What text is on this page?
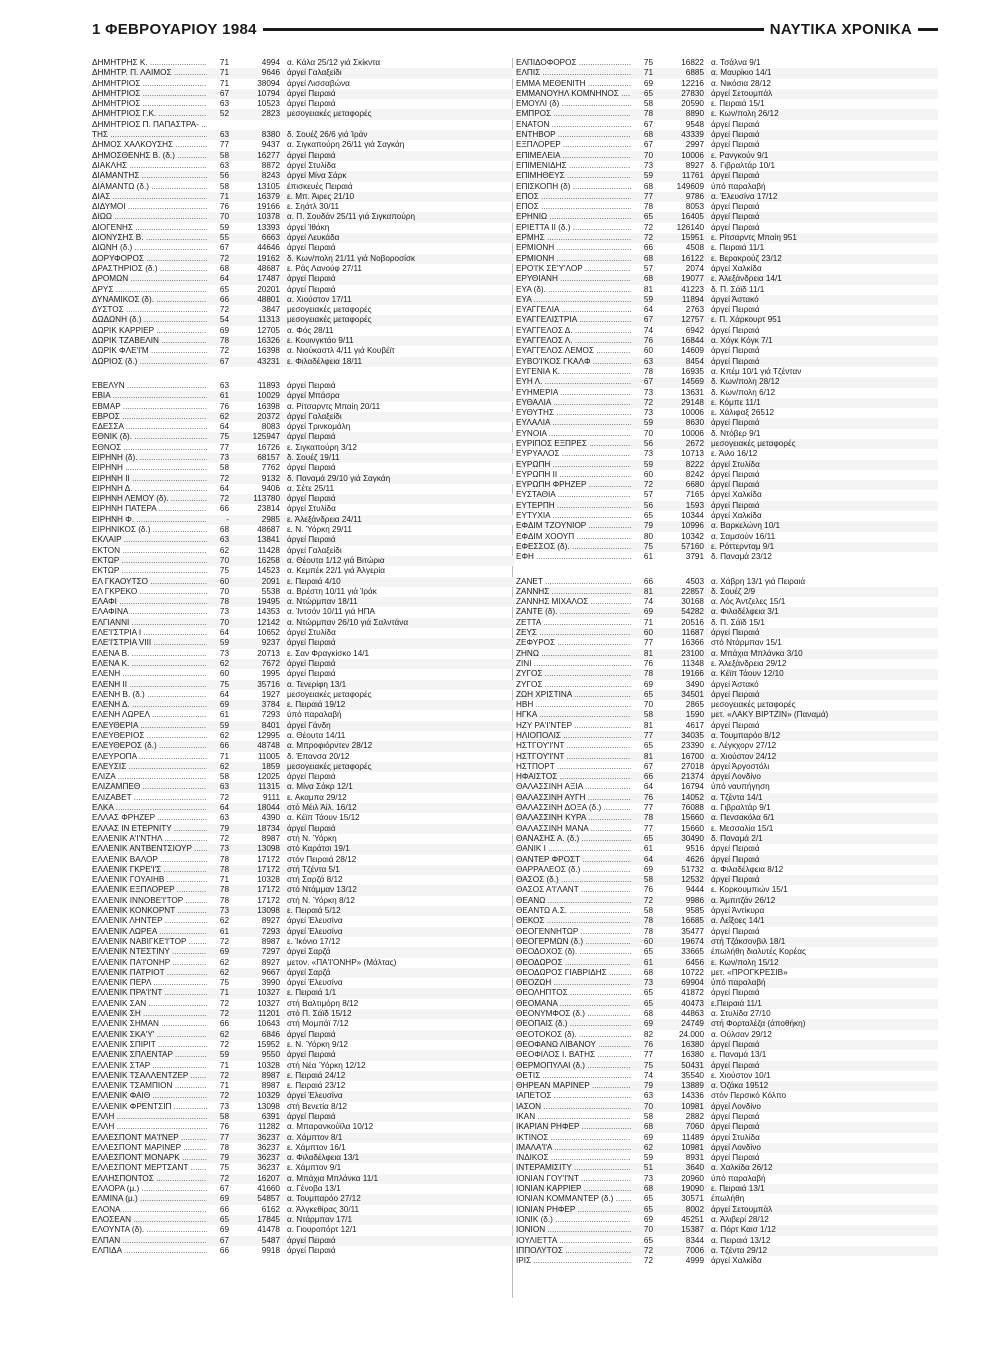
1 ΦΕΒΡΟΥΑΡΙΟΥ 1984	ΝΑΥΤΙΚΑ ΧΡΟΝΙΚΑ
ΔΗΜΗΤΡΗΣ Κ. .....	71	4994 α. Κάλα 25/12 γιά Σκίκντα
ΔΗΜΗΤΡ. Π. ΛΑΙΜΟΣ .....	71	9646 άργεί Γαλαξείδι
ΔΗΜΗΤΡΙΟΣ .....	71	38094 άργεί Λισσαβώνα
ΔΗΜΗΤΡΙΟΣ .....	67	10794 άργεί Πειραιά
ΔΗΜΗΤΡΙΟΣ .....	63	10523 άργεί Πειραιά
ΔΗΜΗΤΡΙΟΣ Γ.Κ. .....	52	2823 μεσογειακές μεταφορές
ΔΗΜΗΤΡΙΟΣ Π. ΠΑΠΑΣΤΡΑ- .....
ΤΗΣ .....	63	8380 δ. Σουέζ 26/6 γιά Ίράν
ΔΗΜΟΣ ΧΑΛΚΟΥΣΗΣ .....	77	9437 α. Σιγκαπούρη 26/11 γιά Σαγκάη
ΔΗΜΟΣΘΕΝΗΣ Β. (δ.) .....	58	16277 άργεί Πειραιά
ΔΙΑΚΛΗΣ .....	63	8872 άργεί Στυλίδα
ΔΙΑΜΑΝΤΗΣ .....	56	8243 άργεί Μίνα Σάρκ
ΔΙΑΜΑΝΤΩ (δ.) .....	58	13105 έπισκευές Πειραιά
ΔΙΑΣ .....	71	16379 ε. Μπ. Άιρες 21/10
ΔΙΔΥΜΟΙ .....	76	19166 ε. Σηάτλ 30/11
ΔΙΩΩ .....	70	10378 α. Π. Σουδάν 25/11 γιά Σιγκαπούρη
ΔΙΟΓΕΝΗΣ .....	59	13393 άργεί Ίθάκη
ΔΙΟΝΥΣΗΣ Β. .....	55	6663 άργεί Λευκάδα
ΔΙΩΝΗ (δ.) .....	67	44646 άργεί Πειραιά
ΔΟΡΥΦΟΡΟΣ .....	72	19162 δ. Κων/πολη 21/11 γιά Νοβοροσίσκ
ΔΡΑΣΤΗΡΙΟΣ (δ.) .....	68	48687 ε. Ράς Λανούφ 27/11
ΔΡΟΜΩΝ .....	64	17487 άργεί Πειραιά
ΔΡΥΣ .....	65	20201 άργεί Πειραιά
ΔΥΝΑΜΙΚΟΣ (δ). .....	66	48801 α. Χιούστον 17/11
ΔΥΣΤΟΣ .....	72	3847 μεσογειακές μεταφορές
ΔΩΔΩΝΗ (δ.) .....	54	11313 μεσογειακές μεταφορές
ΔΩΡΙΚ ΚΑΡΡΙΕΡ .....	69	12705 α. Φός 28/11
ΔΩΡΙΚ ΤΖΑΒΕΛΙΝ .....	78	16326 ε. Κουινγκτάο 9/11
ΔΩΡΙΚ ΦΛΕ'Ι'Μ .....	72	16398 α. Νιούκαστλ 4/11 γιά Κουβέϊτ
ΔΩΡΙΟΣ (δ.) .....	67	43231 ε. Φιλαδέλφεια 18/11
ΕΒΕΛΥΝ .....	63	11893 άργεί Πειραιά
ΕΒΙΑ .....	61	10029 άργεί Μπάσρα
ΕΒΜΑΡ .....	76	16398 α. Ρίτσαρντς Μπαίη 20/11
ΕΒΡΟΣ .....	62	20372 άργεί Γαλαξείδι
ΕΔΕΣΣΑ .....	64	8083 άργεί Τρινκομάλη
ΕΘΝΙΚ (δ). .....	75	125947 άργεί Πειραιά
ΕΘΝΟΣ .....	77	16726 ε. Σιγκαπούρη 3/12
ΕΙΡΗΝΗ (δ). .....	73	68157 δ. Σουέζ 19/11
ΕΙΡΗΝΗ .....	58	7762 άργεί Πειραιά
ΕΙΡΗΝΗ ΙΙ .....	72	9132 δ. Παναμά 29/10 γιά Σαγκάη
ΕΙΡΗΝΗ Δ. .....	64	9406 α. Σέτε 25/11
ΕΙΡΗΝΗ ΛΕΜΟΥ (δ). .....	72	113780 άργεί Πειραιά
ΕΙΡΗΝΗ ΠΑΤΕΡΑ .....	66	23814 άργεί Στυλίδα
ΕΙΡΗΝΗ Φ. .....	-	2985 ε. Άλεξάνδρεια 24/11
ΕΙΡΗΝΙΚΟΣ (δ.) .....	68	48687 ε. Ν. Ύόρκη 29/11
ΕΚΛΑΙΡ .....	63	13841 άργεί Πειραιά
ΕΚΤΟΝ .....	62	11428 άργεί Γαλαξείδι
ΕΚΤΩΡ .....	70	16258 α. Θέουτα 1/12 γιά Βιτώρια
ΕΚΤΩΡ .....	75	14523 α. Κεμπέκ 22/1 γιά Άλγερία
ΕΛ ΓΚΑΟΥΤΣΟ .....	60	2091 ε. Πειραιά 4/10
ΕΛ ΓΚΡΕΚΟ .....	70	5538 α. Βρέστη 10/11 γιά Ίράκ
ΕΛΑΦΙ .....	78	19495 α. Ντώρμπαν 18/11
ΕΛΑΦΙΝΑ .....	73	14353 α. Ίντσόν 10/11 γιά ΗΠΑ
ΕΛΓΙΑΝΝΙ .....	70	12142 α. Ντώρμπαν 26/10 γιά Σαλντάνα
ΕΛΕ'Ι'ΣΤΡΙΑ Ι .....	64	10652 άργεί Στυλίδα
ΕΛΕ'Ι'ΣΤΡΙΑ VIII .....	59	9237 άργεί Πειραιά
ΕΛΕΝΑ Β. .....	73	20713 ε. Σαν Φραγκίσκο 14/1
ΕΛΕΝΑ Κ. .....	62	7672 άργεί Πειραιά
ΕΛΕΝΗ .....	60	1995 άργεί Πειραιά
ΕΛΕΝΗ ΙΙ .....	75	35716 α. Τενερίφη 13/1
ΕΛΕΝΗ Β. (δ.) .....	64	1927 μεσογειακές μεταφορές
ΕΛΕΝΗ Δ. .....	69	3784 ε. Πειραιά 19/12
ΕΛΕΝΗ ΛΩΡΕΛ .....	61	7293 ύπό παραλαβή
ΕΛΕΥΘΕΡΙΑ .....	59	8401 άργεί Γάνδη
ΕΛΕΥΘΕΡΙΟΣ .....	62	12995 α. Θέουτα 14/11
ΕΛΕΥΘΕΡΟΣ (δ.) .....	66	48748 α. Μπροφιόρντεν 28/12
ΕΛΕΥΡΟΠΑ .....	71	11005 δ. Έπανσα 20/12
ΕΛΕΥΣΙΣ .....	62	1859 μεσογειακές μεταφορές
ΕΛΙΖΑ .....	58	12025 άργεί Πειραιά
ΕΛΙΖΑΜΠΕΘ .....	63	11315 α. Μίνα Σάκρ 12/1
ΕΛΙΖΑΒΕΤ .....	72	9111 ε. Ακαμπα 29/12
ΕΛΚΑ .....	64	18044 στό Μέιλ Άίλ. 16/12
ΕΛΛΑΣ ΦΡΗΖΕΡ .....	63	4390 α. Κέϊπ Τάουν 15/12
ΕΛΛΑΣ ΙΝ ΕΤΕΡΝΙΤΥ .....	79	18734 άργεί Πειραιά
ΕΛΛΕΝΙΚ Α'Ι'ΝΤΗΛ .....	72	8987 στή Ν. Ύόρκη
ΕΛΛΕΝΙΚ ΑΝΤΒΕΝΤΣΙΟΥΡ .....	73	13098 στό Καράτσι 19/1
ΕΛΛΕΝΙΚ ΒΑΛΟΡ .....	78	17172 στόν Πειραιά 28/12
ΕΛΛΕΝΙΚ ΓΚΡΕ'Ι'Σ .....	78	17172 στή Τζέντα 5/1
ΕΛΛΕΝΙΚ ΓΟΥΑΙΗΒ .....	71	10328 στή Σαρζά 8/12
ΕΛΛΕΝΙΚ ΕΞΠΛΟΡΕΡ .....	78	17172 στό Ντάμμαν 13/12
ΕΛΛΕΝΙΚ ΙΝΝΟΒΕ'Ι'ΤΟΡ .....	78	17172 στή Ν. Ύόρκη 8/12
ΕΛΛΕΝΙΚ ΚΟΝΚΟΡΝΤ .....	73	13098 ε. Πειραιά 5/12
ΕΛΛΕΝΙΚ ΛΗΝΤΕΡ .....	62	8927 άργεί Έλευσίνα
ΕΛΛΕΝΙΚ ΛΩΡΕΑ .....	61	7293 άργεί Έλευσίνα
ΕΛΛΕΝΙΚ ΝΑΒΙΓΚΕ'Ι'ΤΟΡ .....	72	8987 ε. Ίκόνιο 17/12
ΕΛΛΕΝΙΚ ΝΤΕΣΤΙΝΥ .....	69	7297 άργεί Σαρζά
ΕΛΛΕΝΙΚ ΠΑ'Ι'ΟΝΗΡ .....	62	8927 μετον. «ΠΑ'Ι'ΟΝΗΡ» (Μάλτας)
ΕΛΛΕΝΙΚ ΠΑΤΡΙΟΤ .....	62	9667 άργεί Σαρζά
ΕΛΛΕΝΙΚ ΠΕΡΛ .....	75	3990 άργεί Έλευσίνα
ΕΛΛΕΝΙΚ ΠΡΑ'Ι'ΝΤ .....	71	10327 ε. Πειραιά 1/1
ΕΛΛΕΝΙΚ ΣΑΝ .....	72	10327 στή Βαλτιμόρη 8/12
ΕΛΛΕΝΙΚ ΣΗ .....	72	11201 στό Π. Σάϊδ 15/12
ΕΛΛΕΝΙΚ ΣΗΜΑΝ .....	66	10643 στή Μομπάϊ 7/12
ΕΛΛΕΝΙΚ ΣΚΑ'Υ' .....	62	6846 άργεί Πειραιά
ΕΛΛΕΝΙΚ ΣΠΙΡΙΤ .....	72	15952 ε. Ν. Ύόρκη 9/12
ΕΛΛΕΝΙΚ ΣΠΛΕΝΤΑΡ .....	59	9550 άργεί Πειραιά
ΕΛΛΕΝΙΚ ΣΤΑΡ .....	71	10328 στή Νέα Ύόρκη 12/12
ΕΛΛΕΝΙΚ ΤΣΑΛΛΕΝΤΖΕΡ .....	72	8987 ε. Πειραιά 24/12
ΕΛΛΕΝΙΚ ΤΣΑΜΠΙΟΝ .....	71	8987 ε. Πειραιά 23/12
ΕΛΛΕΝΙΚ ΦΑΙΘ .....	72	10329 άργεί Έλευσίνα
ΕΛΛΕΝΙΚ ΦΡΕΝΤΣΙΠ .....	73	13098 στή Βενετία 8/12
ΕΛΛΗ .....	58	6391 άργεί Πειραιά
ΕΛΛΗ .....	76	11282 α. Μπαρανκούϊλα 10/12
ΕΛΛΕΣΠΟΝΤ ΜΑ'Ι'ΝΕΡ .....	77	36237 α. Χάμπτον 8/1
ΕΛΛΕΣΠΟΝΤ ΜΑΡΙΝΕΡ .....	78	36237 ε. Χάμπτον 16/1
ΕΛΛΕΣΠΟΝΤ ΜΟΝΑΡΚ .....	79	36237 α. Φιλαδέλφεια 13/1
ΕΛΛΕΣΠΟΝΤ ΜΕΡΤΣΑΝΤ .....	75	36237 ε. Χάμπτον 9/1
ΕΛΛΗΣΠΟΝΤΟΣ .....	72	16207 α. Μπάχια Μπλάνκα 11/1
ΕΛΛΟΡΑ (μ.) .....	67	41660 α. Γένοβα 13/1
ΕΛΜΙΝΑ (μ.) .....	69	54857 α. Τουμπαρόο 27/12
ΕΛΟΝΑ .....	66	6162 α. Άλγκεθίρας 30/11
ΕΛΟΣΕΑΝ .....	65	17845 α. Ντάρμπαν 17/1
ΕΛΟΥΝΤΑ (δ). .....	69	41478 α. Γιουροπόρτ 12/1
ΕΛΠΑΝ .....	67	5487 άργεί Πειραιά
ΕΛΠΙΔΑ .....	66	9918 άργεί Πειραιά
ΕΛΠΙΔΟΦΟΡΟΣ .....	75	16822 α. Τσάλνα 9/1
ΕΛΠΙΣ .....	71	6885 α. Μαυρίκιο 14/1
ΕΜΜΑ ΜΕΘΕΝΙΤΗ .....	69	12216 α. Νικόσια 28/12
ΕΜΜΑΝΟΥΗΛ ΚΟΜΝΗΝΟΣ .....	65	27830 άργεί Σετουμπάλ
ΕΜΟΥΛΙ (δ) .....	58	20590 ε. Πειραιά 15/1
ΕΜΠΡΟΣ .....	78	8890 ε. Κων/πολη 26/12
ΕΝΑΤΟΝ .....	67	9548 άργεί Πειραιά
ΕΝΤΗΒΟΡ .....	68	43339 άργεί Πειραιά
ΕΞΠΛΟΡΕΡ .....	67	2997 άργεί Πειραιά
ΕΠΙΜΕΛΕΙΑ .....	70	10006 ε. Ρανγκούν 9/1
ΕΠΙΜΕΝΙΔΗΣ .....	73	8927 δ. Γιβραλτάρ 10/1
ΕΠΙΜΗΘΕΥΣ .....	59	11761 άργεί Πειραιά
ΕΠΙΣΚΟΠΗ (δ) .....	68	149609 ύπό παραλαβή
ΕΠΟΣ .....	77	9786 α. Έλευσίνα 17/12
ΕΠΟΣ .....	78	8053 άργεί Πειραιά
ΕΡΗΝΙΩ .....	65	16405 άργεί Πειραιά
ΕΡΙΕΤΤΑ ΙΙ (δ.) .....	72	126140 άργεί Πειραιά
ΕΡΜΗΣ .....	72	15951 ε. Ρίτσαρντς Μπαίη 951
ΕΡΜΙΟΝΗ .....	66	4508 ε. Πειραιά 11/1
ΕΡΜΙΟΝΗ .....	68	16122 ε. Βερακρούζ 23/12
ΕΡΟ'Ι'Κ ΣΕ'Υ'ΛΟΡ .....	57	2074 άργεί Χαλκίδα
ΕΡΥΘΙΑΝΗ .....	68	19077 ε. Άλεξάνδρεια 14/1
ΕΥΑ (δ). .....	81	41223 δ. Π. Σάϊδ 11/1
ΕΥΑ .....	59	11894 άργεί Άστακό
ΕΥΑΓΓΕΛΙΑ .....	64	2763 άργεί Πειραιά
ΕΥΑΓΓΕΛΙΣΤΡΙΑ .....	67	12757 ε. Π. Χάρκουρτ 951
ΕΥΑΓΓΕΛΟΣ Δ. .....	74	6942 άργεί Πειραιά
ΕΥΑΓΓΕΛΟΣ Λ. .....	76	16844 α. Χόγκ Κόγκ 7/1
ΕΥΑΓΓΕΛΟΣ ΛΕΜΟΣ .....	60	14609 άργεί Πειραιά
ΕΥΒΟ'Ι'ΚΟΣ ΓΚΑΛΦ .....	63	8454 άργεί Πειραιά
ΕΥΓΕΝΙΑ Κ. .....	78	16935 α. Κπέμ 10/1 γιά Τζένταν
ΕΥΗ Λ. .....	67	14569 δ. Κων/πολη 28/12
ΕΥΗΜΕΡΙΑ .....	73	13631 δ. Κων/πολη 6/12
ΕΥΘΑΛΙΑ .....	72	29148 ε. Κόμπε 11/1
ΕΥΘΥΤΗΣ .....	73	10006 ε. Χάλιφαξ 26512
ΕΥΛΑΛΙΑ .....	59	8630 άργεί Πειραιά
ΕΥΝΟΙΑ .....	70	10006 δ. Ντόβερ 9/1
ΕΥΡΙΠΟΣ ΕΞΠΡΕΣ .....	56	2672 μεσογειακές μεταφορές
ΕΥΡΥΑΛΟΣ .....	73	10713 ε. Άιλο 16/12
ΕΥΡΩΠΗ .....	59	8222 άργεί Στυλίδα
ΕΥΡΩΠΗ ΙΙ .....	60	8242 άργεί Πειραιά
ΕΥΡΩΠΗ ΦΡΗΖΕΡ .....	72	6680 άργεί Πειραιά
ΕΥΣΤΑΘΙΑ .....	57	7165 άργεί Χαλκίδα
ΕΥΤΕΡΠΗ .....	56	1593 άργεί Πειραιά
ΕΥΤΥΧΙΑ .....	65	10344 άργεί Χαλκίδα
ΕΦΔΙΜ ΤΖΟΥΝΙΟΡ .....	79	10996 α. Βαρκελώνη 10/1
ΕΦΔΙΜ ΧΟΟΥΠ .....	80	10342 α. Σαμσούν 16/11
ΕΦΕΣΣΟΣ (δ). .....	75	57160 ε. Ρόττερνταμ 9/1
ΕΦΗ .....	61	3791 δ. Παναμά 23/12
ΖΑΝΕΤ .....	66	4503 α. Χάβρη 13/1 γιά Πειραιά
ΖΑΝΝΗΣ .....	81	22857 δ. Σουέζ 2/9
ΖΑΝΝΗΣ ΜΙΧΑΛΟΣ .....	74	30168 α. Λός Άντζελες 15/1
ΖΑΝΤΕ (δ). .....	69	54282 α. Φιλαδέλφεια 3/1
ΖΕΤΤΑ .....	71	20516 δ. Π. Σάϊδ 15/1
ΖΕΥΣ .....	60	11687 άργεί Πειραιά
ΖΕΦΥΡΟΣ .....	77	16366 στό Ντάρμπαν 15/1
ΖΗΝΩ .....	81	23100 α. Μπάχια Μπλάνκα 3/10
ΖΙΝΙ .....	76	11348 ε. Άλεξάνδρεια 29/12
ΖΥΓΟΣ .....	78	19166 α. Κέϊπ Τάουν 12/10
ΖΥΓΟΣ .....	69	3490 άργεί Άστακό
ΖΩΗ ΧΡΙΣΤΙΝΑ .....	65	34501 άργεί Πειραιά
ΗΒΗ .....	70	2865 μεσογειακές μεταφορές
ΗΓΚΑ .....	58	1590 μετ. «ΛΑΚΥ ΒΙΡΤΖΙΝ» (Παναμά)
ΗΖΥ ΡΑ'Ι'ΝΤΕΡ .....	81	4617 άργεί Πειραιά
ΗΛΙΟΠΟΛΙΣ .....	77	34035 α. Τουμπαρόο 8/12
ΗΣΤΓΟΥ'Ι'ΝΤ .....	65	23390 ε. Λέγκχορν 27/12
ΗΣΤΓΟΥ'Ι'ΝΤ .....	81	16700 α. Χιούστον 24/12
ΗΣΤΠΟΡΤ .....	67	27018 άργεί Άργοστόλι
ΗΦΑΙΣΤΟΣ .....	66	21374 άργεί Λονδίνο
ΘΑΛΑΣΣΙΝΗ ΑΞΙΑ .....	64	16794 ύπό ναυπήγηση
ΘΑΛΑΣΣΙΝΗ ΑΥΓΗ .....	76	14052 α. Τζέντα 14/1
ΘΑΛΑΣΣΙΝΗ ΔΟΞΑ (δ.) .....	77	76088 α. Γιβραλτάρ 9/1
ΘΑΛΑΣΣΙΝΗ ΚΥΡΑ .....	78	15660 α. Πενσακόλα 6/1
ΘΑΛΑΣΣΙΝΗ ΜΑΝΑ .....	77	15660 ε. Μεσσαλία 15/1
ΘΑΝΑΣΗΣ Α. (δ.) .....	65	30490 δ. Παναμά 2/1
ΘΑΝΙΚ Ι .....	61	9516 άργεί Πειραιά
ΘΑΝΤΕΡ ΦΡΟΣΤ .....	64	4626 άργεί Πειραιά
ΘΑΡΡΑΛΕΟΣ (δ.) .....	69	51732 α. Φιλαδέλφεια 8/12
ΘΑΣΟΣ (δ.) .....	58	12532 άργεί Πειραιά
ΘΑΣΟΣ Α'Ι'ΛΑΝΤ .....	76	9444 ε. Κορκουμπιών 15/1
ΘΕΑΝΩ .....	72	9986 α. Άμπιτζάν 26/12
ΘΕΑΝΤΩ Α.Σ. .....	58	9585 άργεί Άντίκυρα
ΘΕΚΟΣ .....	78	16685 α. Λεΐξοες 14/1
ΘΕΟΓΕΝΝΗΤΩΡ .....	78	35477 άργεί Πειραιά
ΘΕΟΓΕΡΜΩΝ (δ.) .....	60	19674 στή Τζάκσονβιλ 18/1
ΘΕΟΔΟΧΟΣ (δ). .....	65	33665 έπωλήθη διαλυτές Κορέας
ΘΕΟΔΩΡΟΣ .....	61	6456 ε. Κων/πολη 15/12
ΘΕΟΔΩΡΟΣ ΓΙΑΒΡΙΔΗΣ .....	68	10722 μετ. «ΠΡΟΓΚΡΕΣΙΒ»
ΘΕΟΖΩΗ .....	73	69904 ύπό παραλαβή
ΘΕΟΛΗΠΤΟΣ .....	65	41872 άργεί Πειραιά
ΘΕΟΜΑΝΑ .....	65	40473 ε.Πειραιά 11/1
ΘΕΟΝΥΜΦΟΣ (δ.) .....	68	44863 α. Στυλίδα 27/10
ΘΕΟΠΑΙΣ (δ.) .....	69	24749 στή Φορταλέζα (άποθήκη)
ΘΕΟΤΟΚΟΣ (δ). .....	82	24.000 α. Ούλσαν 29/12
ΘΕΟΦΑΝΩ ΛΙΒΑΝΟΥ .....	76	16380 άργεί Πειραιά
ΘΕΟΦΙΛΟΣ Ι. ΒΑΤΗΣ .....	77	16380 ε. Παναμά 13/1
ΘΕΡΜΟΠΥΛΑΙ (δ.) .....	75	50431 άργεί Πειραιά
ΘΕΤΙΣ .....	74	35540 ε. Χιούστον 10/1
ΘΗΡΕΑΝ ΜΑΡΙΝΕΡ .....	79	13889 α. Όζάκα 19512
ΙΑΠΕΤΟΣ .....	63	14336 στόν Περσικό Κόλπο
ΙΑΣΟΝ .....	70	10981 άργεί Λονδίνο
ΙΚΑΝ .....	58	2882 άργεί Πειραιά
ΙΚΑΡΙΑΝ ΡΗΦΕΡ .....	68	7060 άργεί Πειραιά
ΙΚΤΙΝΟΣ .....	69	11489 άργεί Στυλίδα
ΙΜΑΛΑ'Ι'Α .....	62	10981 άργεί Λονδίνο
ΙΝΔΙΚΟΣ .....	59	8931 άργεί Πειραιά
ΙΝΤΕΡΑΜΙΣΙΤΥ .....	51	3640 α. Χαλκίδα 26/12
ΙΟΝΙΑΝ ΓΟΥ'Ι'ΝΤ .....	73	20960 ύπό παραλαβή
ΙΟΝΙΑΝ ΚΑΡΡΙΕΡ .....	68	19090 ε. Πειραιά 13/1
ΙΟΝΙΑΝ ΚΟΜΜΑΝΤΕΡ (δ.) .....	65	30571 έπωλήθη
ΙΟΝΙΑΝ ΡΗΦΕΡ .....	65	8002 άργεί Σετουμπάλ
ΙΟΝΙΚ (δ.) .....	69	45251 α. Άλιβερί 28/12
ΙΟΝΙΟΝ .....	70	15387 α. Πόρτ Καισ 1/12
ΙΟΥΛΙΕΤΤΑ .....	65	8344 α. Πειραιά 13/12
ΙΠΠΟΛΥΤΟΣ .....	72	7006 α. Τζέντα 29/12
ΙΡΙΣ .....	72	4999 άργεί Χαλκίδα
